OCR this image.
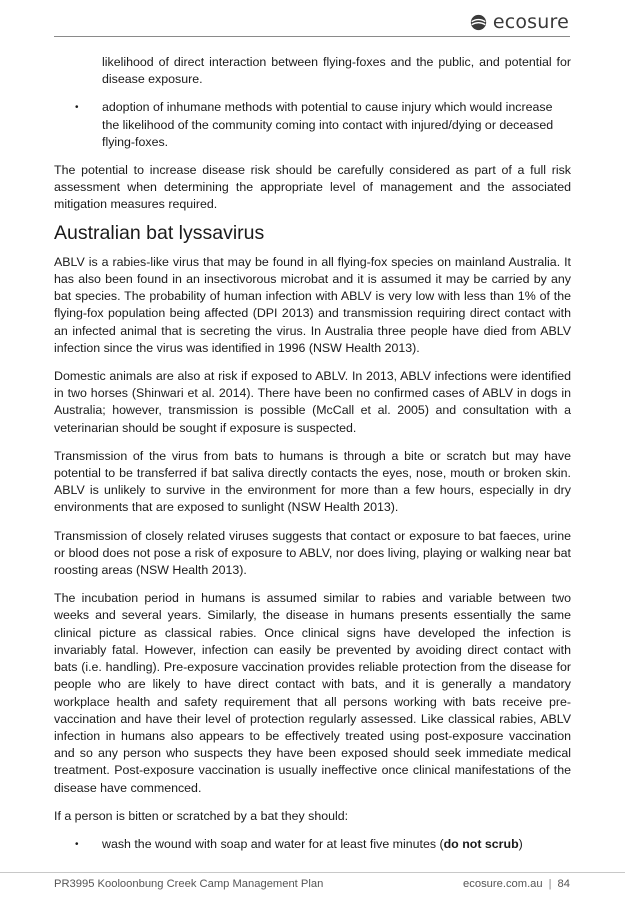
ecosure

likelihood of direct interaction between flying-foxes and the public, and potential for disease exposure.

• adoption of inhumane methods with potential to cause injury which would increase the likelihood of the community coming into contact with injured/dying or deceased flying-foxes.

The potential to increase disease risk should be carefully considered as part of a full risk assessment when determining the appropriate level of management and the associated mitigation measures required.

Australian bat lyssavirus

ABLV is a rabies-like virus that may be found in all flying-fox species on mainland Australia. It has also been found in an insectivorous microbat and it is assumed it may be carried by any bat species. The probability of human infection with ABLV is very low with less than 1% of the flying-fox population being affected (DPI 2013) and transmission requiring direct contact with an infected animal that is secreting the virus. In Australia three people have died from ABLV infection since the virus was identified in 1996 (NSW Health 2013).

Domestic animals are also at risk if exposed to ABLV. In 2013, ABLV infections were identified in two horses (Shinwari et al. 2014). There have been no confirmed cases of ABLV in dogs in Australia; however, transmission is possible (McCall et al. 2005) and consultation with a veterinarian should be sought if exposure is suspected.

Transmission of the virus from bats to humans is through a bite or scratch but may have potential to be transferred if bat saliva directly contacts the eyes, nose, mouth or broken skin. ABLV is unlikely to survive in the environment for more than a few hours, especially in dry environments that are exposed to sunlight (NSW Health 2013).

Transmission of closely related viruses suggests that contact or exposure to bat faeces, urine or blood does not pose a risk of exposure to ABLV, nor does living, playing or walking near bat roosting areas (NSW Health 2013).

The incubation period in humans is assumed similar to rabies and variable between two weeks and several years. Similarly, the disease in humans presents essentially the same clinical picture as classical rabies. Once clinical signs have developed the infection is invariably fatal. However, infection can easily be prevented by avoiding direct contact with bats (i.e. handling). Pre-exposure vaccination provides reliable protection from the disease for people who are likely to have direct contact with bats, and it is generally a mandatory workplace health and safety requirement that all persons working with bats receive pre-vaccination and have their level of protection regularly assessed. Like classical rabies, ABLV infection in humans also appears to be effectively treated using post-exposure vaccination and so any person who suspects they have been exposed should seek immediate medical treatment. Post-exposure vaccination is usually ineffective once clinical manifestations of the disease have commenced.

If a person is bitten or scratched by a bat they should:

• wash the wound with soap and water for at least five minutes (do not scrub)
PR3995 Kooloonbung Creek Camp Management Plan	ecosure.com.au | 84
